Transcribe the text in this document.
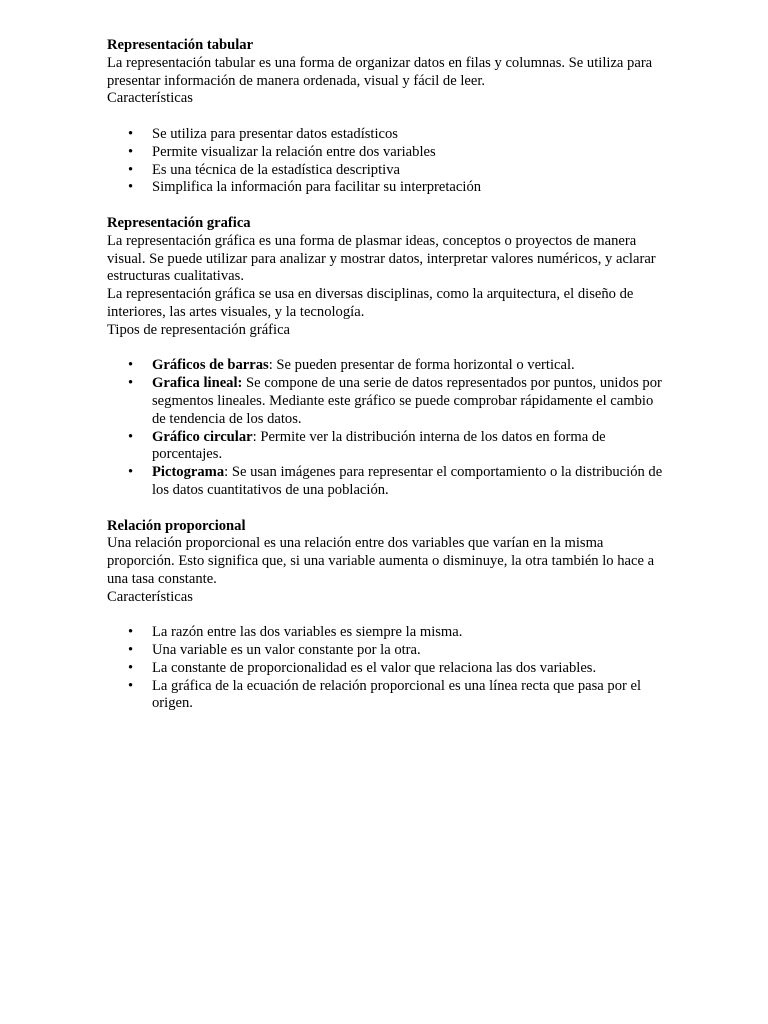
Representación tabular
La representación tabular es una forma de organizar datos en filas y columnas. Se utiliza para presentar información de manera ordenada, visual y fácil de leer.
Características
• Se utiliza para presentar datos estadísticos
• Permite visualizar la relación entre dos variables
• Es una técnica de la estadística descriptiva
• Simplifica la información para facilitar su interpretación
Representación grafica
La representación gráfica es una forma de plasmar ideas, conceptos o proyectos de manera visual. Se puede utilizar para analizar y mostrar datos, interpretar valores numéricos, y aclarar estructuras cualitativas.
La representación gráfica se usa en diversas disciplinas, como la arquitectura, el diseño de interiores, las artes visuales, y la tecnología.
Tipos de representación gráfica
• Gráficos de barras: Se pueden presentar de forma horizontal o vertical.
• Grafica lineal: Se compone de una serie de datos representados por puntos, unidos por segmentos lineales. Mediante este gráfico se puede comprobar rápidamente el cambio de tendencia de los datos.
• Gráfico circular: Permite ver la distribución interna de los datos en forma de porcentajes.
• Pictograma: Se usan imágenes para representar el comportamiento o la distribución de los datos cuantitativos de una población.
Relación proporcional
Una relación proporcional es una relación entre dos variables que varían en la misma proporción. Esto significa que, si una variable aumenta o disminuye, la otra también lo hace a una tasa constante.
Características
• La razón entre las dos variables es siempre la misma.
• Una variable es un valor constante por la otra.
• La constante de proporcionalidad es el valor que relaciona las dos variables.
• La gráfica de la ecuación de relación proporcional es una línea recta que pasa por el origen.
